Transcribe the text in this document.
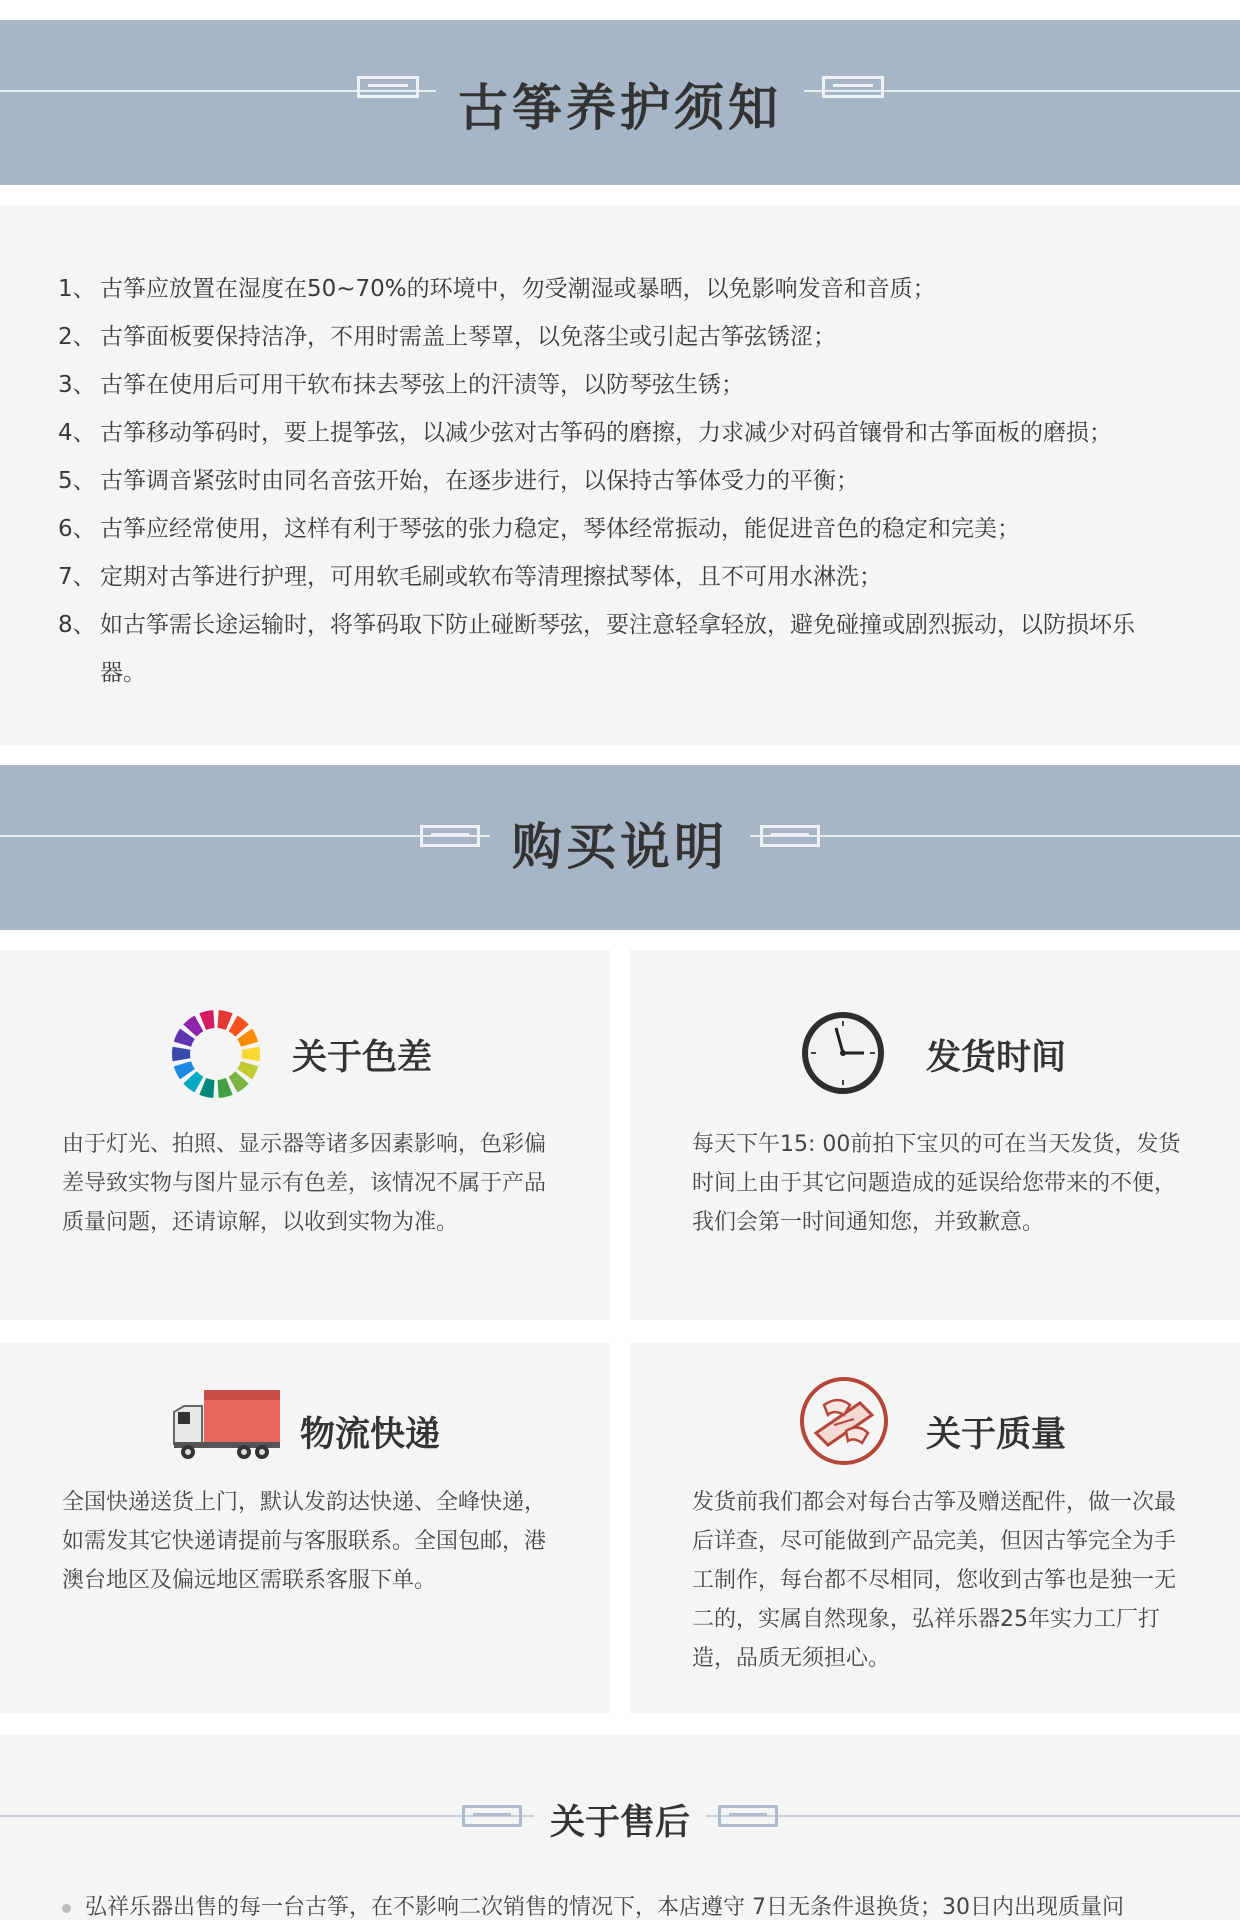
古筝养护须知
1、 古筝应放置在湿度在50~70%的环境中，勿受潮湿或暴晒，以免影响发音和音质；
2、 古筝面板要保持洁净，不用时需盖上琴罩，以免落尘或引起古筝弦锈涩；
3、 古筝在使用后可用干软布抹去琴弦上的汗渍等，以防琴弦生锈；
4、 古筝移动筝码时，要上提筝弦，以减少弦对古筝码的磨擦，力求减少对码首镶骨和古筝面板的磨损；
5、 古筝调音紧弦时由同名音弦开始，在逐步进行，以保持古筝体受力的平衡；
6、 古筝应经常使用，这样有利于琴弦的张力稳定，琴体经常振动，能促进音色的稳定和完美；
7、 定期对古筝进行护理，可用软毛刷或软布等清理擦拭琴体，且不可用水淋洗；
8、 如古筝需长途运输时，将筝码取下防止碰断琴弦，要注意轻拿轻放，避免碰撞或剧烈振动，以防损坏乐器。
购买说明
关于色差
由于灯光、拍照、显示器等诸多因素影响，色彩偏差导致实物与图片显示有色差，该情况不属于产品质量问题，还请谅解，以收到实物为准。
发货时间
每天下午15: 00前拍下宝贝的可在当天发货，发货时间上由于其它问题造成的延误给您带来的不便，我们会第一时间通知您，并致歉意。
物流快递
全国快递送货上门，默认发韵达快递、全峰快递，如需发其它快递请提前与客服联系。全国包邮，港澳台地区及偏远地区需联系客服下单。
关于质量
发货前我们都会对每台古筝及赠送配件，做一次最后详查，尽可能做到产品完美，但因古筝完全为手工制作，每台都不尽相同，您收到古筝也是独一无二的，实属自然现象，弘祥乐器25年实力工厂打造，品质无须担心。
关于售后
弘祥乐器出售的每一台古筝，在不影响二次销售的情况下，本店遵守 7日无条件退换货；30日内出现质量问
